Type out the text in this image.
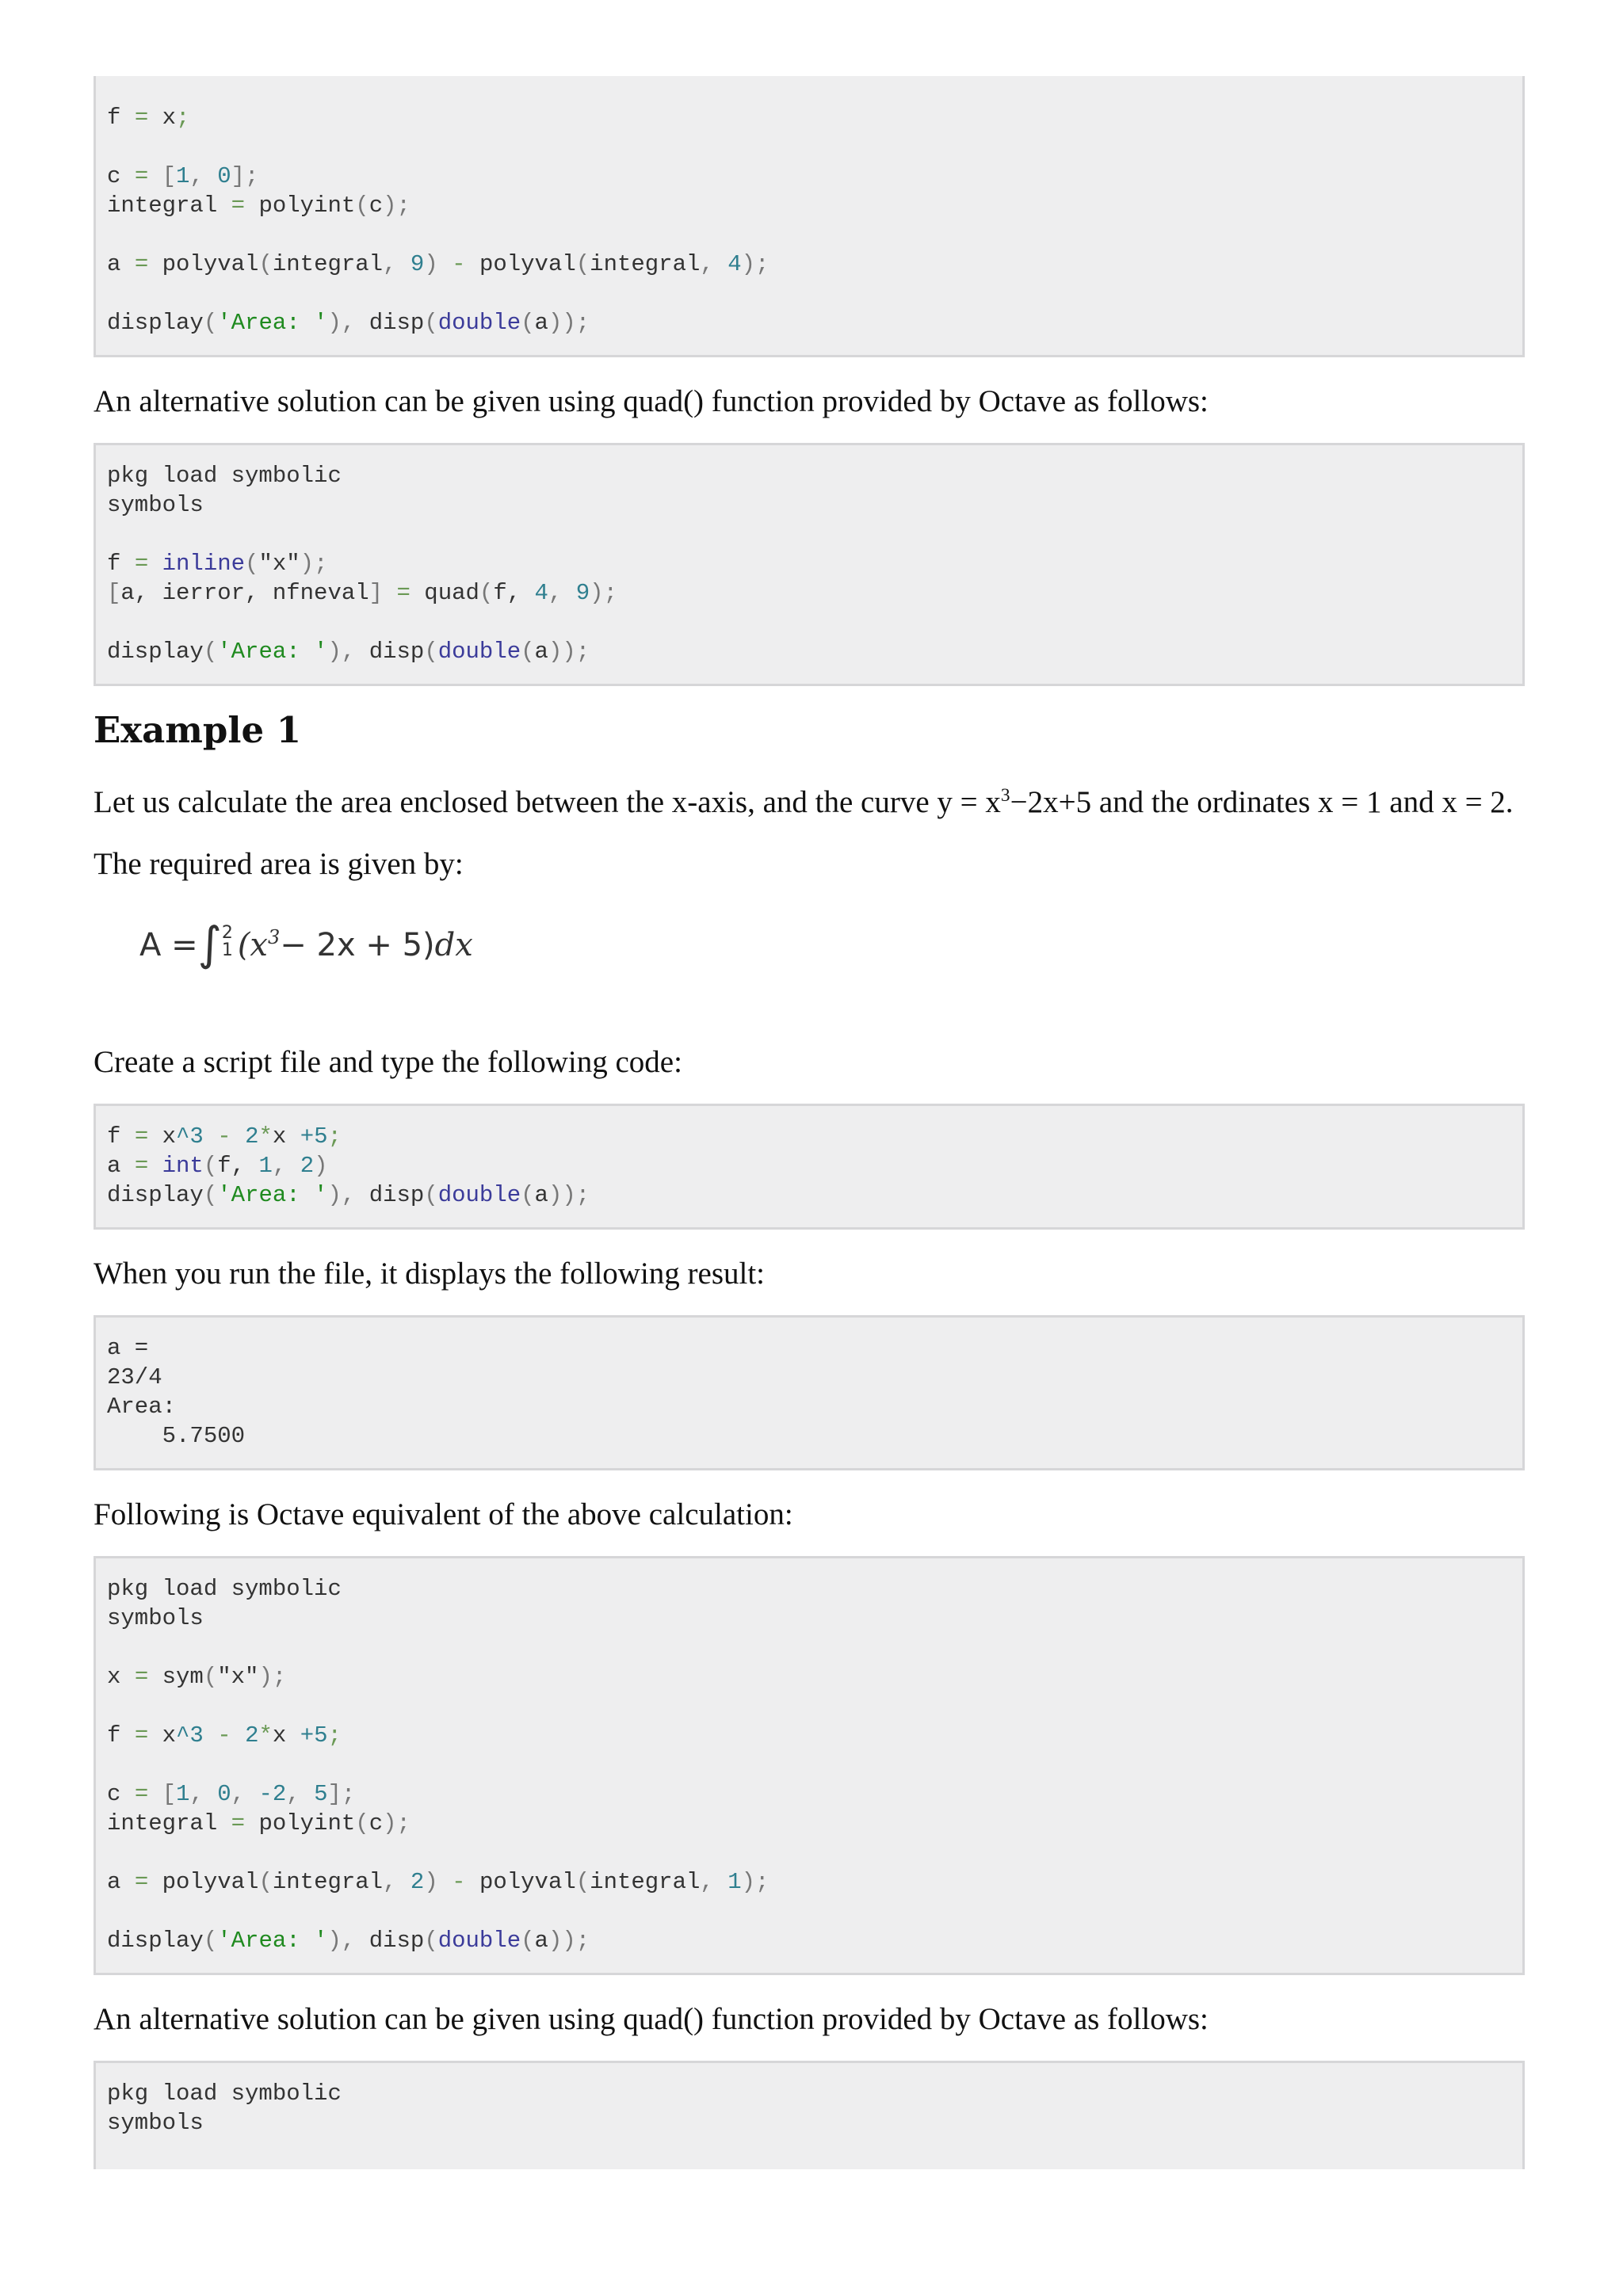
f = x;
c = [1, 0];
integral = polyint(c);
a = polyval(integral, 9) - polyval(integral, 4);
display('Area: '), disp(double(a));

An alternative solution can be given using quad() function provided by Octave as follows:

pkg load symbolic
symbols
f = inline("x");
[a, ierror, nfneval] = quad(f, 4, 9);
display('Area: '), disp(double(a));
Example 1

Let us calculate the area enclosed between the x-axis, and the curve $y = x^3-2x+5$ and the ordinates x = 1 and x = 2.

The required area is given by:

A = ∫ 2
1 $(x^3 - 2x + 5)$ dx

Create a script file and type the following code:

f = x^3 - 2*x +5;
a = int(f, 1, 2)
display('Area: '), disp(double(a));

When you run the file, it displays the following result:

a =
23/4
Area:
5.7500

Following is Octave equivalent of the above calculation:

pkg load symbolic
symbols
x = sym("x");
f = x^3 - 2*x +5;
c = [1, 0, -2, 5];
integral = polyint(c);
a = polyval(integral, 2) - polyval(integral, 1);
display('Area: '), disp(double(a));

An alternative solution can be given using quad() function provided by Octave as follows:

pkg load symbolic
symbols
